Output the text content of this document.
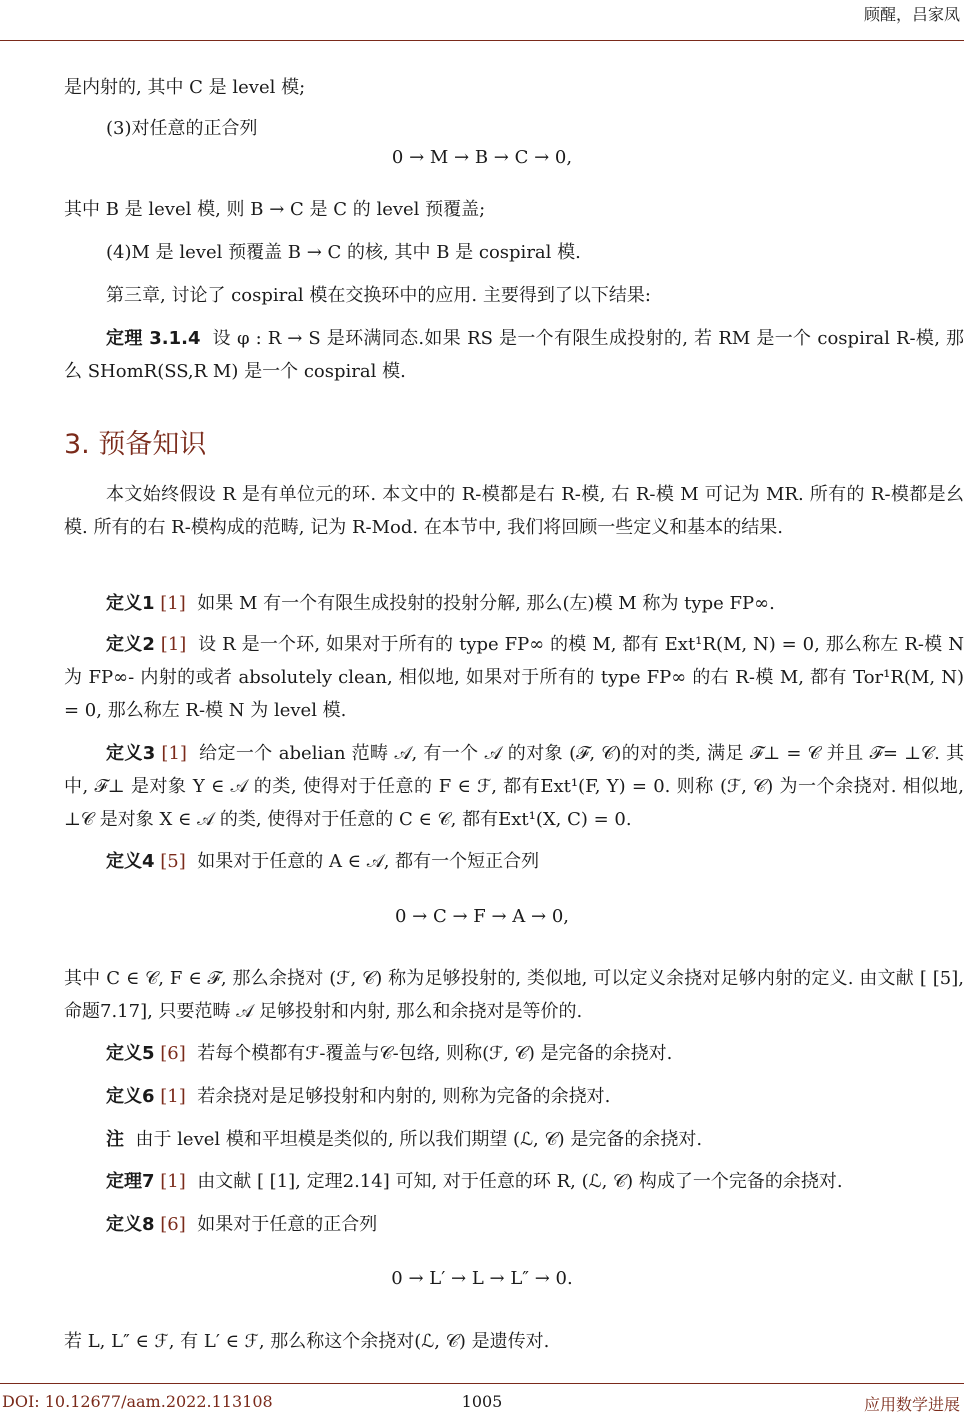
顾醒，吕家凤
是内射的, 其中 C 是 level 模;
(3)对任意的正合列
0 → M → B → C → 0,
其中 B 是 level 模, 则 B → C 是 C 的 level 预覆盖;
(4)M 是 level 预覆盖 B → C 的核, 其中 B 是 cospiral 模.
第三章, 讨论了 cospiral 模在交换环中的应用. 主要得到了以下结果:
定理 3.1.4 设 φ : R → S 是环满同态.如果 RS 是一个有限生成投射的, 若 RM 是一个 cospiral R-模, 那么 SHomR(SS,R M) 是一个 cospiral 模.
3. 预备知识
本文始终假设 R 是有单位元的环. 本文中的 R-模都是右 R-模, 右 R-模 M 可记为 MR. 所有的 R-模都是幺模. 所有的右 R-模构成的范畴, 记为 R-Mod. 在本节中, 我们将回顾一些定义和基本的结果.
定义1 [1] 如果 M 有一个有限生成投射的投射分解, 那么(左)模 M 称为 type FP∞.
定义2 [1] 设 R 是一个环, 如果对于所有的 type FP∞ 的模 M, 都有 Ext¹R(M, N) = 0, 那么称左 R-模 N 为 FP∞- 内射的或者 absolutely clean, 相似地, 如果对于所有的 type FP∞ 的右 R-模 M, 都有 Tor¹R(M, N) = 0, 那么称左 R-模 N 为 level 模.
定义3 [1] 给定一个 abelian 范畴 𝒜, 有一个 𝒜 的对象 (ℱ, 𝒞)的对的类, 满足 ℱ⊥ = 𝒞 并且 ℱ= ⊥𝒞. 其中, ℱ⊥ 是对象 Y ∈ 𝒜 的类, 使得对于任意的 F ∈ ℱ, 都有Ext¹(F, Y) = 0. 则称 (ℱ, 𝒞) 为一个余挠对. 相似地, ⊥𝒞 是对象 X ∈ 𝒜 的类, 使得对于任意的 C ∈ 𝒞, 都有Ext¹(X, C) = 0.
定义4 [5] 如果对于任意的 A ∈ 𝒜, 都有一个短正合列
0 → C → F → A → 0,
其中 C ∈ 𝒞, F ∈ ℱ, 那么余挠对 (ℱ, 𝒞) 称为足够投射的, 类似地, 可以定义余挠对足够内射的定义. 由文献 [ [5], 命题7.17], 只要范畴 𝒜 足够投射和内射, 那么和余挠对是等价的.
定义5 [6] 若每个模都有ℱ-覆盖与𝒞-包络, 则称(ℱ, 𝒞) 是完备的余挠对.
定义6 [1] 若余挠对是足够投射和内射的, 则称为完备的余挠对.
注 由于 level 模和平坦模是类似的, 所以我们期望 (ℒ, 𝒞) 是完备的余挠对.
定理7 [1] 由文献 [ [1], 定理2.14] 可知, 对于任意的环 R, (ℒ, 𝒞) 构成了一个完备的余挠对.
定义8 [6] 如果对于任意的正合列
0 → L′ → L → L″ → 0.
若 L, L″ ∈ ℱ, 有 L′ ∈ ℱ, 那么称这个余挠对(ℒ, 𝒞) 是遗传对.
DOI: 10.12677/aam.2022.113108	1005	应用数学进展
